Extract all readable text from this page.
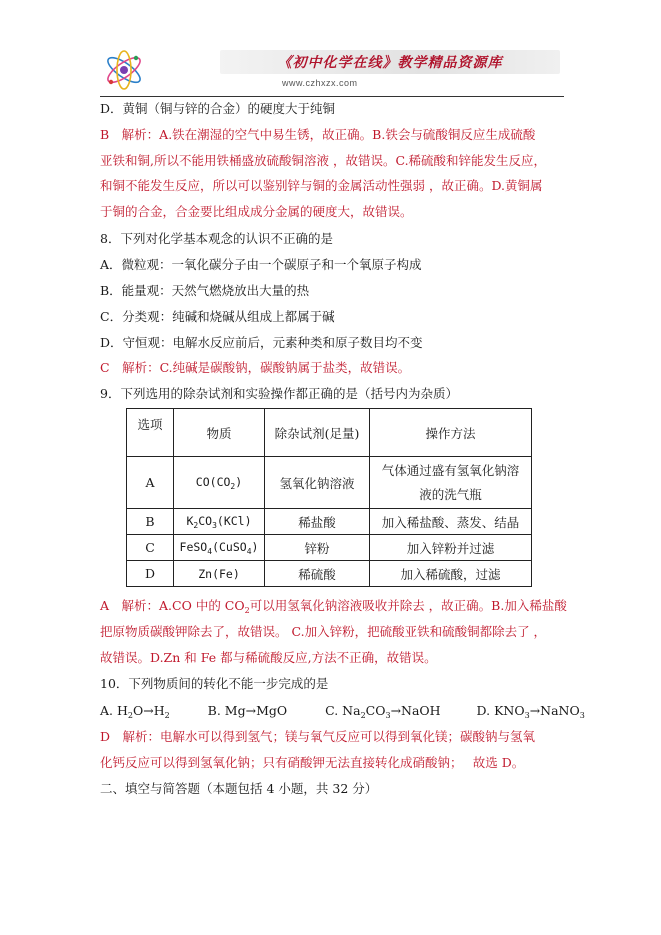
《初中化学在线》教学精品资源库
www.czhxzx.com
D．黄铜（铜与锌的合金）的硬度大于纯铜
B　解析：A.铁在潮湿的空气中易生锈，故正确。B.铁会与硫酸铜反应生成硫酸
亚铁和铜,所以不能用铁桶盛放硫酸铜溶液 ，故错误。C.稀硫酸和锌能发生反应，
和铜不能发生反应，所以可以鉴别锌与铜的金属活动性强弱 ，故正确。D.黄铜属
于铜的合金，合金要比组成成分金属的硬度大，故错误。
8．下列对化学基本观念的认识不正确的是
A．微粒观：一氧化碳分子由一个碳原子和一个氧原子构成
B．能量观：天然气燃烧放出大量的热
C．分类观：纯碱和烧碱从组成上都属于碱
D．守恒观：电解水反应前后，元素种类和原子数目均不变
C　解析：C.纯碱是碳酸钠，碳酸钠属于盐类，故错误。
9．下列选用的除杂试剂和实验操作都正确的是（括号内为杂质）
选项	物质	除杂试剂(足量)	操作方法
A	$CO(CO_2)$	氢氧化钠溶液	气体通过盛有氢氧化钠溶
液的洗气瓶

B	$K_2CO_3(KCl)$	稀盐酸	加入稀盐酸、蒸发、结晶
C	FeSO$_4$(CuSO$_4$)	锌粉	加入锌粉并过滤
D	Zn(Fe)	稀硫酸	加入稀硫酸，过滤
A　解析：A.CO 中的 $CO_2$可以用氢氧化钠溶液吸收并除去 ，故正确。B.加入稀盐酸
把原物质碳酸钾除去了，故错误。 C.加入锌粉，把硫酸亚铁和硫酸铜都除去了 ，
故错误。D.Zn 和 Fe 都与稀硫酸反应,方法不正确，故错误。
10．下列物质间的转化不能一步完成的是
A. $H_2O\to H_2$	B. Mg→MgO	C. $Na_2CO_3\to NaOH$	D. $KNO_3\to NaNO_3$
D　解析：电解水可以得到氢气；镁与氧气反应可以得到氧化镁；碳酸钠与氢氧
化钙反应可以得到氢氧化钠；只有硝酸钾无法直接转化成硝酸钠；　 故选 D。
二、填空与简答题（本题包括 4 小题，共 32 分）
